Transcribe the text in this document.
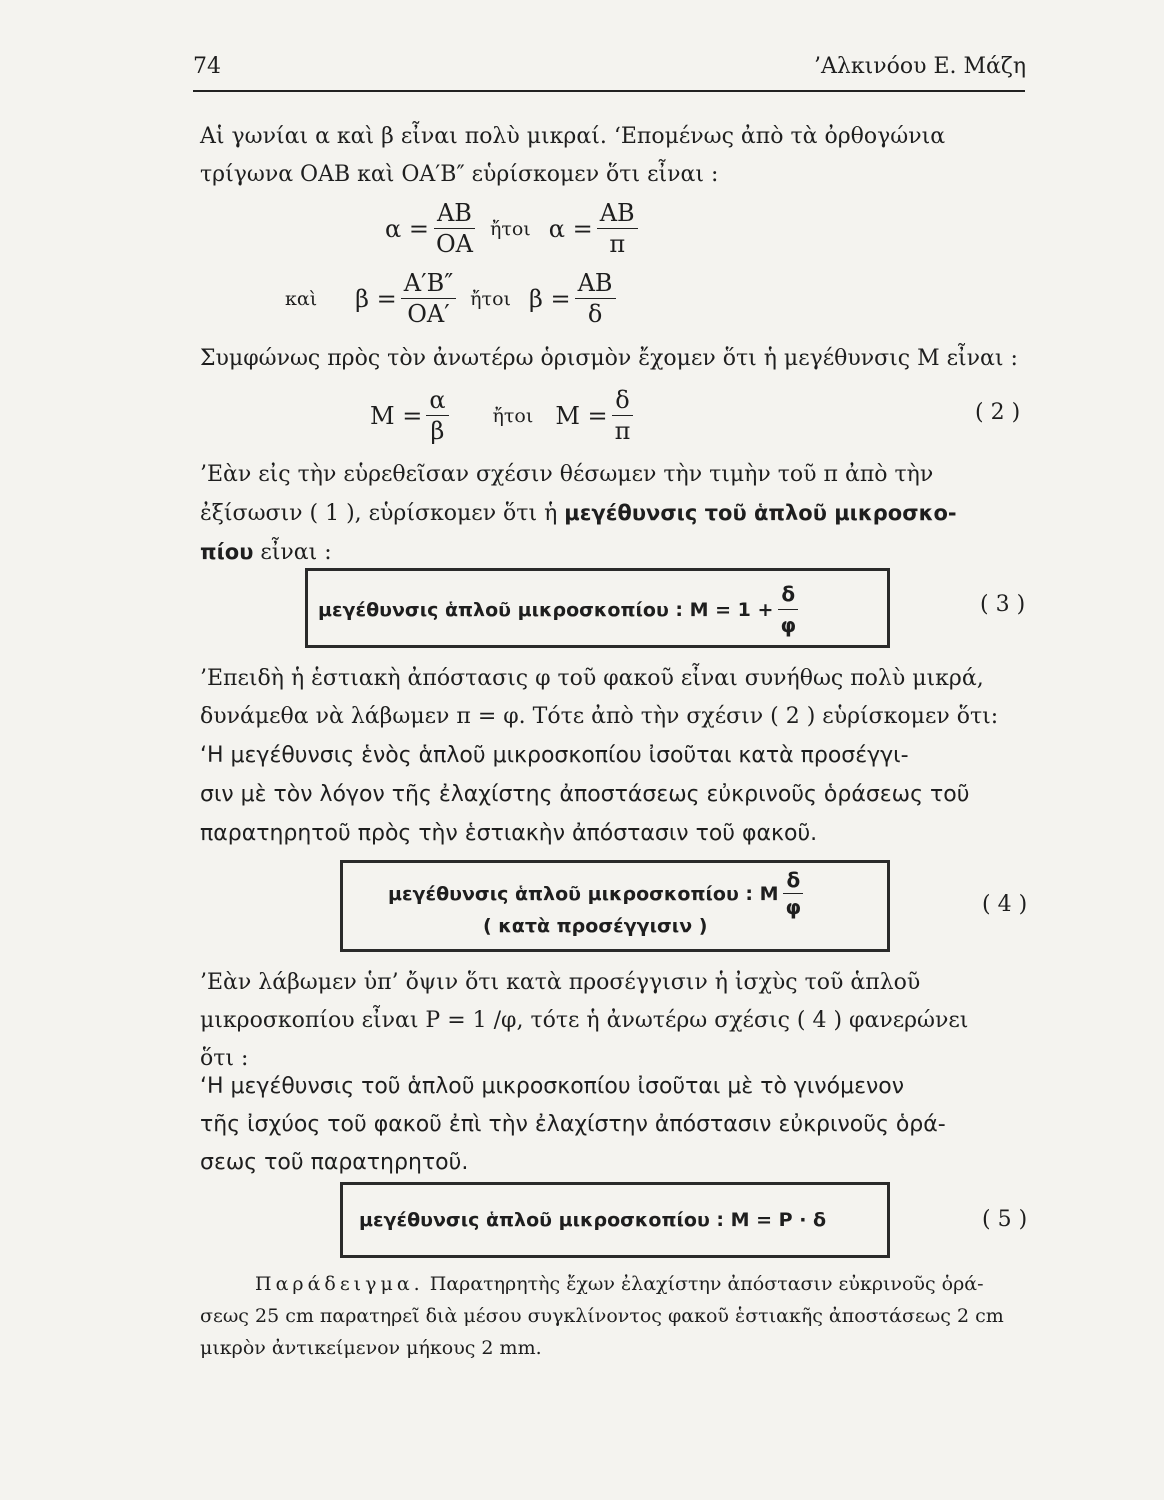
74	’Αλκινόου Ε. Μάζη
Αἱ γωνίαι α καὶ β εἶναι πολὺ μικραί. ‘Επομένως ἀπὸ τὰ ὀρθογώνια
τρίγωνα ΟΑΒ καὶ ΟΑ′Β″ εὑρίσκομεν ὅτι εἶναι :
$\alpha = \frac{AB}{OA}$ ἤτοι $\alpha = \frac{AB}{\pi}$
καὶ $\beta = \frac{A'B''}{OA'}$ ἤτοι $\beta = \frac{AB}{\delta}$
Συμφώνως πρὸς τὸν ἀνωτέρω ὁρισμὸν ἔχομεν ὅτι ἡ μεγέθυνσις Μ εἶναι :
$M = \frac{\alpha}{\beta}$ ἤτοι $M = \frac{\delta}{\pi}$	( 2 )
’Εὰν εἰς τὴν εὑρεθεῖσαν σχέσιν θέσωμεν τὴν τιμὴν τοῦ π ἀπὸ τὴν
ἐξίσωσιν ( 1 ), εὑρίσκομεν ὅτι ἡ μεγέθυνσις τοῦ ἁπλοῦ μικροσκο-
πίου εἶναι :
μεγέθυνσις ἁπλοῦ μικροσκοπίου : $M = 1 + \frac{\delta}{\varphi}$	( 3 )
’Επειδὴ ἡ ἑστιακὴ ἀπόστασις φ τοῦ φακοῦ εἶναι συνήθως πολὺ μικρά,
δυνάμεθα νὰ λάβωμεν π = φ. Τότε ἀπὸ τὴν σχέσιν ( 2 ) εὑρίσκομεν ὅτι:
‘Η μεγέθυνσις ἑνὸς ἁπλοῦ μικροσκοπίου ἰσοῦται κατὰ προσέγγι-
σιν μὲ τὸν λόγον τῆς ἐλαχίστης ἀποστάσεως εὐκρινοῦς ὁράσεως τοῦ
παρατηρητοῦ πρὸς τὴν ἑστιακὴν ἀπόστασιν τοῦ φακοῦ.
μεγέθυνσις ἁπλοῦ μικροσκοπίου : Μ $\frac{\delta}{\varphi}$
( κατὰ προσέγγισιν )
( 4 )
’Εὰν λάβωμεν ὑπ’ ὄψιν ὅτι κατὰ προσέγγισιν ἡ ἰσχὺς τοῦ ἁπλοῦ
μικροσκοπίου εἶναι Ρ = 1 /φ, τότε ἡ ἀνωτέρω σχέσις ( 4 ) φανερώνει
ὅτι :
‘Η μεγέθυνσις τοῦ ἁπλοῦ μικροσκοπίου ἰσοῦται μὲ τὸ γινόμενον
τῆς ἰσχύος τοῦ φακοῦ ἐπὶ τὴν ἐλαχίστην ἀπόστασιν εὐκρινοῦς ὁρά-
σεως τοῦ παρατηρητοῦ.
μεγέθυνσις ἁπλοῦ μικροσκοπίου : Μ = Ρ · δ	( 5 )
Παράδειγμα. Παρατηρητὴς ἔχων ἐλαχίστην ἀπόστασιν εὐκρινοῦς ὁρά-
σεως 25 cm παρατηρεῖ διὰ μέσου συγκλίνοντος φακοῦ ἑστιακῆς ἀποστάσεως 2 cm
μικρὸν ἀντικείμενον μήκους 2 mm.
